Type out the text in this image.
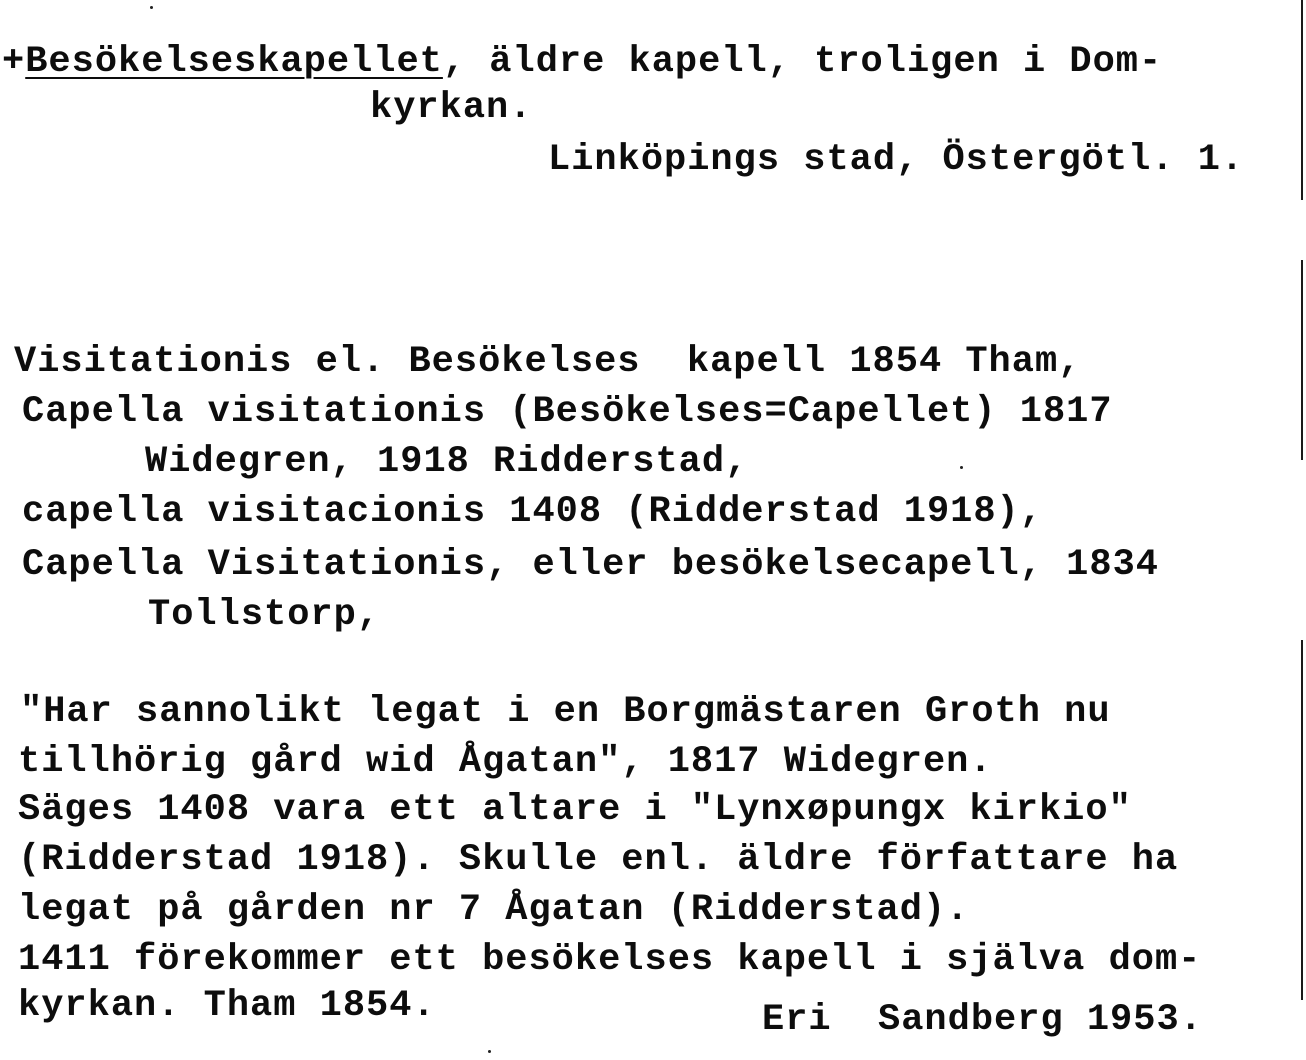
+Besökelseskapellet, äldre kapell, troligen i Dom-
kyrkan.
Linköpings stad, Östergötl. 1.
Visitationis el. Besökelses  kapell 1854 Tham,
Capella visitationis (Besökelses=Capellet) 1817
Widegren, 1918 Ridderstad,
capella visitacionis 1408 (Ridderstad 1918),
Capella Visitationis, eller besökelsecapell, 1834
Tollstorp,
"Har sannolikt legat i en Borgmästaren Groth nu
tillhörig gård wid Ågatan", 1817 Widegren.
Säges 1408 vara ett altare i "Lynxøpungx kirkio"
(Ridderstad 1918). Skulle enl. äldre författare ha
legat på gården nr 7 Ågatan (Ridderstad).
1411 förekommer ett besökelses kapell i själva dom-
kyrkan. Tham 1854.	Eri  Sandberg 1953.
